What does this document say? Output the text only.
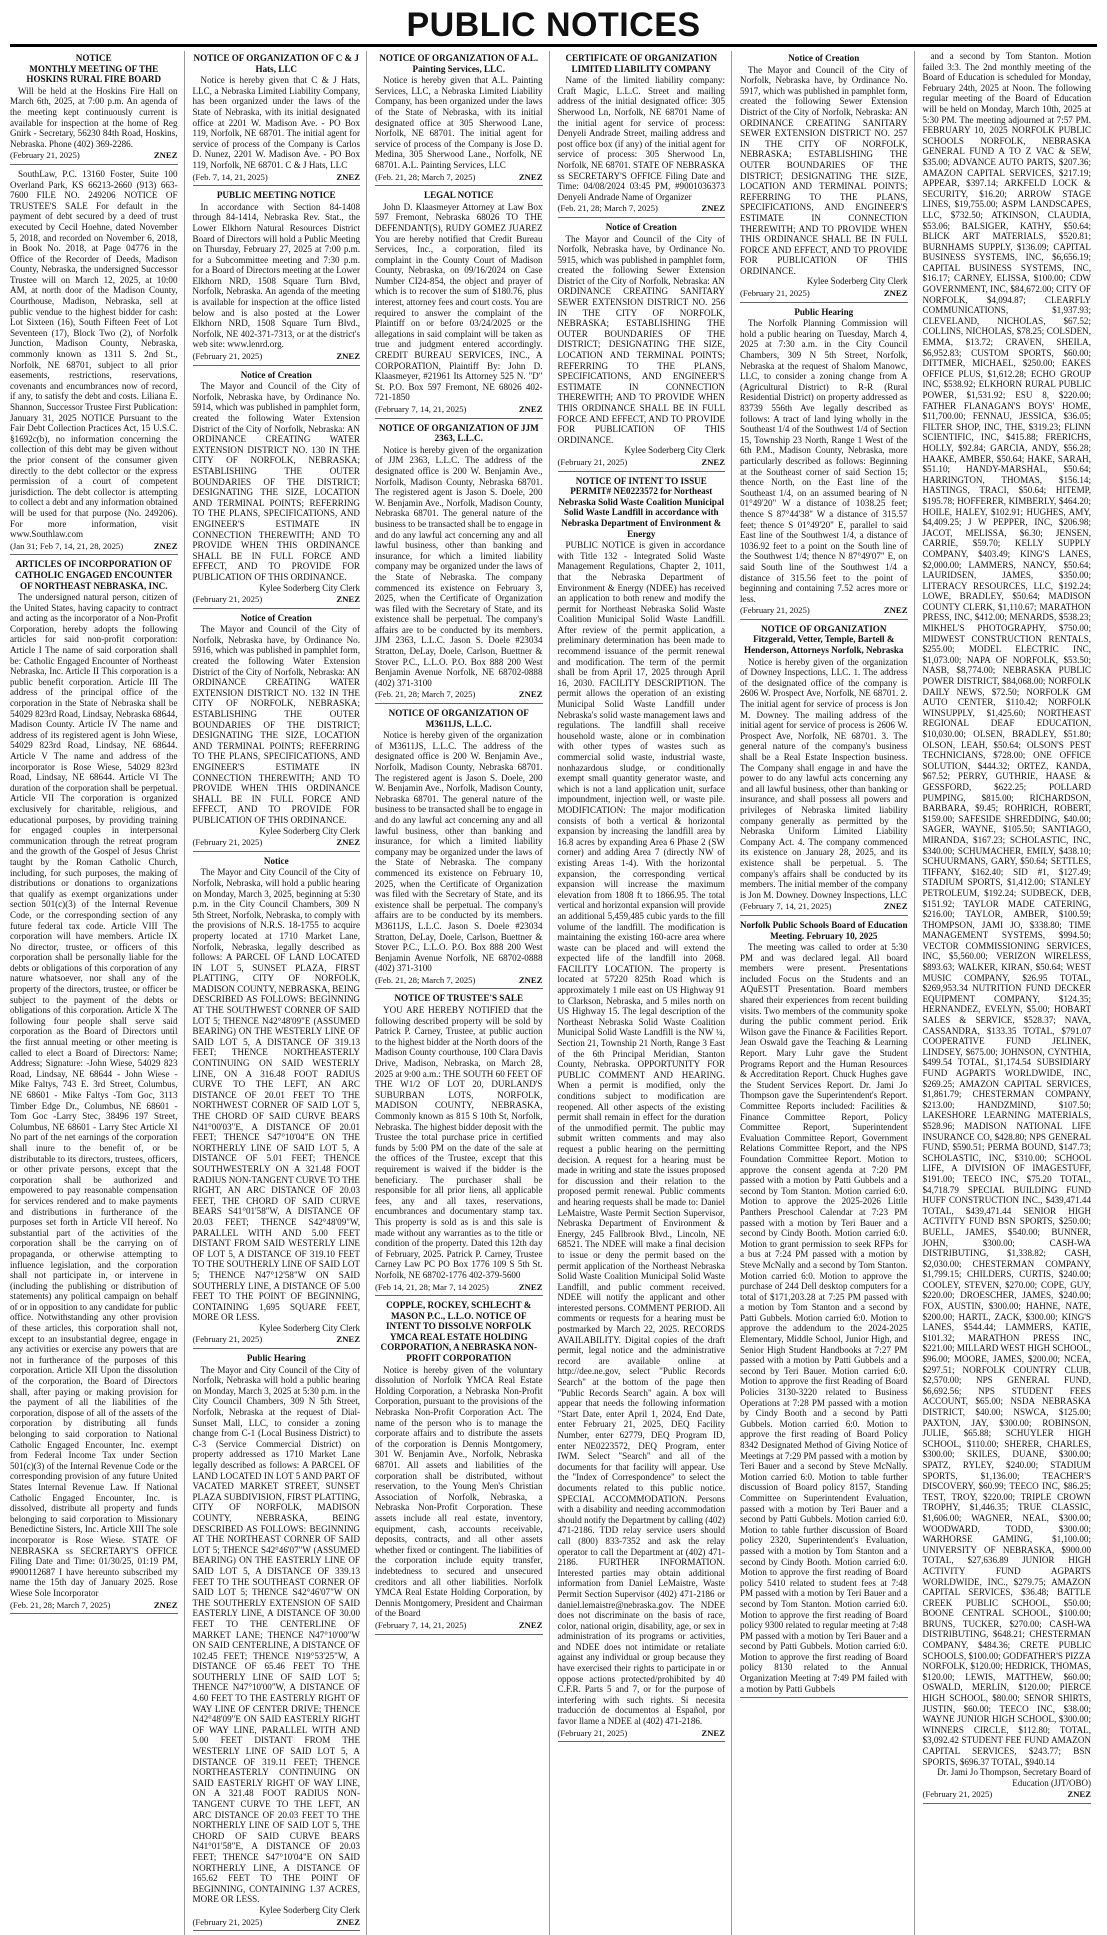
PUBLIC NOTICES
NOTICE
MONTHLY MEETING OF THE
HOSKINS RURAL FIRE BOARD

Will be held at the Hoskins Fire Hall on March 6th, 2025, at 7:00 p.m. An agenda of the meeting kept continuously current is available for inspection at the home of Reg Gnirk - Secretary, 56230 84th Road, Hoskins, Nebraska. Phone (402) 369-2286.

(February 21, 2025)	ZNEZ

SouthLaw, P.C. 13160 Foster, Suite 100 Overland Park, KS 66213-2660 (913) 663-7600 FILE NO. 249206 NOTICE OF TRUSTEE'S SALE For default in the payment of debt secured by a deed of trust executed by Cecil Hoehne, dated November 5, 2018, and recorded on November 6, 2018, in Book No. 2018, at Page 04776 in the Office of the Recorder of Deeds, Madison County, Nebraska, the undersigned Successor Trustee will on March 12, 2025, at 10:00 AM, at north door of the Madison County, Courthouse, Madison, Nebraska, sell at public vendue to the highest bidder for cash: Lot Sixteen (16), South Fifteen Feet of Lot Seventeen (17), Block Two (2), of Norfolk Junction, Madison County, Nebraska, commonly known as 1311 S. 2nd St., Norfolk, NE 68701, subject to all prior easements, restrictions, reservations, covenants and encumbrances now of record, if any, to satisfy the debt and costs. Liliana E. Shannon, Successor Trustee First Publication: January 31, 2025 NOTICE Pursuant to the Fair Debt Collection Practices Act, 15 U.S.C. §1692c(b), no information concerning the collection of this debt may be given without the prior consent of the consumer given directly to the debt collector or the express permission of a court of competent jurisdiction. The debt collector is attempting to collect a debt and any information obtained will be used for that purpose (No. 249206). For more information, visit www.Southlaw.com

(Jan 31; Feb 7, 14, 21, 28, 2025)	ZNEZ
ARTICLES OF INCORPORATION OF CATHOLIC ENGAGED ENCOUNTER OF NORTHEAST NEBRASKA, INC.

The undersigned natural person, citizen of the United States, having capacity to contract and acting as the incorporator of a Non-Profit Corporation, hereby adopts the following articles for said non-profit corporation: Article I The name of said corporation shall be: Catholic Engaged Encounter of Northeast Nebraska, Inc. Article II This corporation is a public benefit corporation. Article III The address of the principal office of the corporation in the State of Nebraska shall be 54029 823rd Road, Lindsay, Nebraska 68644, Madison County. Article IV The name and address of its registered agent is John Wiese, 54029 823rd Road, Lindsay, NE 68644. Article V The name and address of the incorporator is Rose Wiese, 54029 823rd Road, Lindsay, NE 68644. Article VI The duration of the corporation shall be perpetual. Article VII The corporation is organized exclusively for charitable, religious, and educational purposes, by providing training for engaged couples in interpersonal communication through the retreat program and the growth of the Gospel of Jesus Christ taught by the Roman Catholic Church, including, for such purposes, the making of distributions or donations to organizations that qualify as exempt organizations under section 501(c)(3) of the Internal Revenue Code, or the corresponding section of any future federal tax code. Article VIII The corporation will have members. Article IX No director, trustee, or officers of this corporation shall be personally liable for the debts or obligations of this corporation of any nature whatsoever, nor shall any of the property of the directors, trustee, or officer be subject to the payment of the debts or obligations of this corporation. Article X The following four people shall serve said corporation as the Board of Directors until the first annual meeting or other meeting is called to elect a Board of Directors: Name; Address; Signature: -John Wiese, 54029 823 Road, Lindsay, NE 68644 - John Wiese -Mike Faltys, 743 E. 3rd Street, Columbus, NE 68601 - Mike Faltys -Tom Goc, 3113 Timber Edge Dr., Columbus, NE 68601 - Tom Goc -Larry Stec, 38496 197 Street, Columbus, NE 68601 - Larry Stec Article XI No part of the net earnings of the corporation shall inure to the benefit of, or be distributable to its directors, trustees, officers, or other private persons, except that the corporation shall be authorized and empowered to pay reasonable compensation for services rendered and to make payments and distributions in furtherance of the purposes set forth in Article VII hereof. No substantial part of the activities of the corporation shall be the carrying on of propaganda, or otherwise attempting to influence legislation, and the corporation shall not participate in, or intervene in (including the publishing or distribution of statements) any political campaign on behalf of or in opposition to any candidate for public office. Notwithstanding any other provision of these articles, this corporation shall not, except to an insubstantial degree, engage in any activities or exercise any powers that are not in furtherance of the purposes of this corporation. Article XII Upon the dissolution of the corporation, the Board of Directors shall, after paying or making provision for the payment of all the liabilities of the corporation, dispose of all of the assets of the corporation by distributing all funds belonging to said corporation to National Catholic Engaged Encounter, Inc. exempt from Federal Income Tax under Section 501(c)(3) of the Internal Revenue Code or the corresponding provision of any future United States Internal Revenue Law. If National Catholic Engaged Encounter, Inc. is dissolved, distribute all property and funds belonging to said corporation to Missionary Benedictine Sisters, Inc. Article XIII The sole incorporator is Rose Wiese. STATE OF NEBRASKA ss SECRETARY'S OFFICE Filing Date and Time: 01/30/25, 01:19 PM, #900112687 I have hereunto subscribed my name the 15th day of January 2025. Rose Wiese Sole Incorporator

(Feb. 21, 28; March 7, 2025)	ZNEZ
NOTICE OF ORGANIZATION OF C & J Hats, LLC

Notice is hereby given that C & J Hats, LLC, a Nebraska Limited Liability Company, has been organized under the laws of the State of Nebraska, with its initial designated office at 2201 W. Madison Ave. - PO Box 119, Norfolk, NE 68701. The initial agent for service of process of the Company is Carlos D. Nunez, 2201 W. Madison Ave. - PO Box 119, Norfolk, NE 68701. C & J Hats, LLC

(Feb. 7, 14, 21, 2025)	ZNEZ
PUBLIC MEETING NOTICE

In accordance with Section 84-1408 through 84-1414, Nebraska Rev. Stat., the Lower Elkhorn Natural Resources District Board of Directors will hold a Public Meeting on Thursday, February 27, 2025 at 7:00 p.m. for a Subcommittee meeting and 7:30 p.m. for a Board of Directors meeting at the Lower Elkhorn NRD, 1508 Square Turn Blvd, Norfolk, Nebraska. An agenda of the meeting is available for inspection at the office listed below and is also posted at the Lower Elkhorn NRD, 1508 Square Turn Blvd., Norfolk, NE 402-371-7313, or at the district's web site: www.lenrd.org.

(February 21, 2025)	ZNEZ
Notice of Creation

The Mayor and Council of the City of Norfolk, Nebraska have, by Ordinance No. 5914, which was published in pamphlet form, created the following Water Extension District of the City of Norfolk, Nebraska: AN ORDINANCE CREATING WATER EXTENSION DISTRICT NO. 130 IN THE CITY OF NORFOLK, NEBRASKA; ESTABLISHING THE OUTER BOUNDARIES OF THE DISTRICT; DESIGNATING THE SIZE, LOCATION AND TERMINAL POINTS; REFERRING TO THE PLANS, SPECIFICATIONS, AND ENGINEER'S ESTIMATE IN CONNECTION THEREWITH; AND TO PROVIDE WHEN THIS ORDINANCE SHALL BE IN FULL FORCE AND EFFECT, AND TO PROVIDE FOR PUBLICATION OF THIS ORDINANCE.

Kylee Soderberg City Clerk
(February 21, 2025)	ZNEZ
Notice of Creation

The Mayor and Council of the City of Norfolk, Nebraska have, by Ordinance No. 5916, which was published in pamphlet form, created the following Water Extension District of the City of Norfolk, Nebraska: AN ORDINANCE CREATING WATER EXTENSION DISTRICT NO. 132 IN THE CITY OF NORFOLK, NEBRASKA; ESTABLISHING THE OUTER BOUNDARIES OF THE DISTRICT; DESIGNATING THE SIZE, LOCATION AND TERMINAL POINTS; REFERRING TO THE PLANS, SPECIFICATIONS, AND ENGINEER'S ESTIMATE IN CONNECTION THEREWITH; AND TO PROVIDE WHEN THIS ORDINANCE SHALL BE IN FULL FORCE AND EFFECT, AND TO PROVIDE FOR PUBLICATION OF THIS ORDINANCE.

Kylee Soderberg City Clerk
(February 21, 2025)	ZNEZ
Notice

The Mayor and City Council of the City of Norfolk, Nebraska, will hold a public hearing on Monday, March 3, 2025, beginning at 5:30 p.m. in the City Council Chambers, 309 N 5th Street, Norfolk, Nebraska, to comply with the provisions of N.R.S. 18-1755 to acquire property located at 1710 Market Lane, Norfolk, Nebraska, legally described as follows: A PARCEL OF LAND LOCATED IN LOT 5, SUNSET PLAZA, FIRST PLATTING, CITY OF NORFOLK, MADISON COUNTY, NEBRASKA, BEING DESCRIBED AS FOLLOWS: BEGINNING AT THE SOUTHWEST CORNER OF SAID LOT 5; THENCE N42°48'09"E (ASSUMED BEARING) ON THE WESTERLY LINE OF SAID LOT 5, A DISTANCE OF 319.13 FEET; THENCE NORTHEASTERLY CONTINUING ON SAID WESTERLY LINE, ON A 316.48 FOOT RADIUS CURVE TO THE LEFT, AN ARC DISTANCE OF 20.01 FEET TO THE NORTHWEST CORNER OF SAID LOT 5, THE CHORD OF SAID CURVE BEARS N41°00'03"E, A DISTANCE OF 20.01 FEET; THENCE S47°10'04"E ON THE NORTHERLY LINE OF SAID LOT 5, A DISTANCE OF 5.01 FEET; THENCE SOUTHWESTERLY ON A 321.48 FOOT RADIUS NON-TANGENT CURVE TO THE RIGHT, AN ARC DISTANCE OF 20.03 FEET, THE CHORD OF SAID CURVE BEARS S41°01'58"W, A DISTANCE OF 20.03 FEET; THENCE S42°48'09"W, PARALLEL WITH AND 5.00 FEET DISTANT FROM SAID WESTERLY LINE OF LOT 5, A DISTANCE OF 319.10 FEET TO THE SOUTHERLY LINE OF SAID LOT 5; THENCE N47°12'58"W ON SAID SOUTHERLY LINE, A DISTANCE OF 5.00 FEET TO THE POINT OF BEGINNING, CONTAINING 1,695 SQUARE FEET, MORE OR LESS.

Kylee Soderberg City Clerk
(February 21, 2025)	ZNEZ
Public Hearing

The Mayor and City Council of the City of Norfolk, Nebraska will hold a public hearing on Monday, March 3, 2025 at 5:30 p.m. in the City Council Chambers, 309 N 5th Street, Norfolk, Nebraska at the request of Dial-Sunset Mall, LLC, to consider a zoning change from C-1 (Local Business District) to C-3 (Service Commercial District) on property addressed as 1710 Market Lane legally described as follows: A PARCEL OF LAND LOCATED IN LOT 5 AND PART OF VACATED MARKET STREET, SUNSET PLAZA SUBDIVISION, FIRST PLATTING, CITY OF NORFOLK, MADISON COUNTY, NEBRASKA, BEING DESCRIBED AS FOLLOWS: BEGINNING AT THE NORTHEAST CORNER OF SAID LOT 5; THENCE S42°46'07"W (ASSUMED BEARING) ON THE EASTERLY LINE OF SAID LOT 5, A DISTANCE OF 339.13 FEET TO THE SOUTHEAST CORNER OF SAID LOT 5; THENCE S42°46'07"W ON THE SOUTHERLY EXTENSION OF SAID EASTERLY LINE, A DISTANCE OF 30.00 FEET TO THE CENTERLINE OF MARKET LANE; THENCE N47°10'00"W ON SAID CENTERLINE, A DISTANCE OF 102.45 FEET; THENCE N19°53'25"W, A DISTANCE OF 65.46 FEET TO THE SOUTHERLY LINE OF SAID LOT 5; THENCE N47°10'00"W, A DISTANCE OF 4.60 FEET TO THE EASTERLY RIGHT OF WAY LINE OF CENTER DRIVE; THENCE N42°48'09"E ON SAID EASTERLY RIGHT OF WAY LINE, PARALLEL WITH AND 5.00 FEET DISTANT FROM THE WESTERLY LINE OF SAID LOT 5, A DISTANCE OF 319.11 FEET; THENCE NORTHEASTERLY CONTINUING ON SAID EASTERLY RIGHT OF WAY LINE, ON A 321.48 FOOT RADIUS NON-TANGENT CURVE TO THE LEFT, AN ARC DISTANCE OF 20.03 FEET TO THE NORTHERLY LINE OF SAID LOT 5, THE CHORD OF SAID CURVE BEARS N41°01'58"E, A DISTANCE OF 20.03 FEET; THENCE S47°10'04"E ON SAID NORTHERLY LINE, A DISTANCE OF 165.62 FEET TO THE POINT OF BEGINNING, CONTAINING 1.37 ACRES, MORE OR LESS.

Kylee Soderberg City Clerk
(February 21, 2025)	ZNEZ
NOTICE OF ORGANIZATION OF A.L. Painting Services, LLC.

Notice is hereby given that A.L. Painting Services, LLC, a Nebraska Limited Liability Company, has been organized under the laws of the State of Nebraska, with its initial designated office at 305 Sherwood Lane, Norfolk, NE 68701. The initial agent for service of process of the Company is Jose D. Medina, 305 Sherwood Lane., Norfolk, NE 68701. A.L. Painting Services, LLC

(Feb. 21, 28; March 7, 2025)	ZNEZ
LEGAL NOTICE

John D. Klaasmeyer Attorney at Law Box 597 Fremont, Nebraska 68026 TO THE DEFENDANT(S), RUDY GOMEZ JUAREZ You are hereby notified that Credit Bureau Services, Inc., a corporation, filed its complaint in the County Court of Madison County, Nebraska, on 09/16/2024 on Case Number CI24-854, the object and prayer of which is to recover the sum of $180.76, plus interest, attorney fees and court costs. You are required to answer the complaint of the Plaintiff on or before 03/24/2025 or the allegations in said complaint will be taken as true and judgment entered accordingly. CREDIT BUREAU SERVICES, INC., A CORPORATION, Plaintiff By: John D. Klaasmeyer, #21961 Its Attorney 525 N. "D" St. P.O. Box 597 Fremont, NE 68026 402-721-1850

(February 7, 14, 21, 2025)	ZNEZ
NOTICE OF ORGANIZATION OF JJM 2363, L.L.C.

Notice is hereby given of the organization of JJM 2363, L.L.C. The address of the designated office is 200 W. Benjamin Ave., Norfolk, Madison County, Nebraska 68701. The registered agent is Jason S. Doele, 200 W. Benjamin Ave., Norfolk, Madison County, Nebraska 68701. The general nature of the business to be transacted shall be to engage in and do any lawful act concerning any and all lawful business, other than banking and insurance, for which a limited liability company may be organized under the laws of the State of Nebraska. The company commenced its existence on February 3, 2025, when the Certificate of Organization was filed with the Secretary of State, and its existence shall be perpetual. The company's affairs are to be conducted by its members. JJM 2363, L.L.C. Jason S. Doele #23034 Stratton, DeLay, Doele, Carlson, Buettner & Stover P.C., L.L.O. P.O. Box 888 200 West Benjamin Avenue Norfolk, NE 68702-0888 (402) 371-3100

(Feb. 21, 28; March 7, 2025)	ZNEZ
NOTICE OF ORGANIZATION OF M3611JS, L.L.C.

Notice is hereby given of the organization of M3611JS, L.L.C. The address of the designated office is 200 W. Benjamin Ave., Norfolk, Madison County, Nebraska 68701. The registered agent is Jason S. Doele, 200 W. Benjamin Ave., Norfolk, Madison County, Nebraska 68701. The general nature of the business to be transacted shall be to engage in and do any lawful act concerning any and all lawful business, other than banking and insurance, for which a limited liability company may be organized under the laws of the State of Nebraska. The company commenced its existence on February 10, 2025, when the Certificate of Organization was filed with the Secretary of State, and its existence shall be perpetual. The company's affairs are to be conducted by its members. M3611JS, L.L.C. Jason S. Doele #23034 Stratton, DeLay, Doele, Carlson, Buettner & Stover P.C., L.L.O. P.O. Box 888 200 West Benjamin Avenue Norfolk, NE 68702-0888 (402) 371-3100

(Feb. 21, 28; March 7, 2025)	ZNEZ
NOTICE OF TRUSTEE'S SALE

YOU ARE HEREBY NOTIFIED that the following described property will be sold by Patrick P. Carney, Trustee, at public auction to the highest bidder at the North doors of the Madison County courthouse, 100 Clara Davis Drive, Madison, Nebraska, on March 28, 2025 at 9:00 a.m.: THE SOUTH 60 FEET OF THE W1/2 OF LOT 20, DURLAND'S SUBURBAN LOTS, NORFOLK, MADISON COUNTY, NEBRASKA, Commonly known as 815 S 10th St, Norfolk, Nebraska. The highest bidder deposit with the Trustee the total purchase price in certified funds by 5:00 PM on the date of the sale at the offices of the Trustee, except that this requirement is waived if the bidder is the beneficiary. The purchaser shall be responsible for all prior liens, all applicable fees, any and all taxes, reservations, encumbrances and documentary stamp tax. This property is sold as is and this sale is made without any warranties as to the title or condition of the property. Dated this 12th day of February, 2025. Patrick P. Carney, Trustee Carney Law PC PO Box 1776 109 S 5th St. Norfolk, NE 68702-1776 402-379-5600

(Feb 14, 21, 28; Mar 7, 14 2025)	ZNEZ
COPPLE, ROCKEY, SCHLECHT & MASON P.C., L.L.O. NOTICE OF INTENT TO DISSOLVE NORFOLK YMCA REAL ESTATE HOLDING CORPORATION, A NEBRASKA NON-PROFIT CORPORATION

Notice is hereby given of the voluntary dissolution of Norfolk YMCA Real Estate Holding Corporation, a Nebraska Non-Profit Corporation, pursuant to the provisions of the Nebraska Non-Profit Corporation Act. The name of the person who is to manage the corporate affairs and to distribute the assets of the corporation is Dennis Montgomery, 301 W. Benjamin Ave., Norfolk, Nebraska 68701. All assets and liabilities of the corporation shall be distributed, without reservation, to the Young Men's Christian Association of Norfolk, Nebraska, a Nebraska Non-Profit Corporation. These assets include all real estate, inventory, equipment, cash, accounts receivable, deposits, contracts, and all other assets whether fixed or contingent. The liabilities of the corporation include equity transfer, indebtedness to secured and unsecured creditors and all other liabilities. Norfolk YMCA Real Estate Holding Corporation, by Dennis Montgomery, President and Chairman of the Board

(February 7, 14, 21, 2025)	ZNEZ
CERTIFICATE OF ORGANIZATION LIMITED LIABILITY COMPANY

Name of the limited liability company: Craft Magic, L.L.C. Street and mailing address of the initial designated office: 305 Sherwood Ln, Norfolk, NE 68701 Name of the initial agent for service of process: Denyeli Andrade Street, mailing address and post office box (if any) of the initial agent for service of process: 305 Sherwood Ln, Norfolk, NE 68701. STATE OF NEBRASKA ss SECRETARY'S OFFICE Filing Date and Time: 04/08/2024 03:45 PM, #9001036373 Denyeli Andrade Name of Organizer

(Feb. 21, 28; March 7, 2025)	ZNEZ
Notice of Creation

The Mayor and Council of the City of Norfolk, Nebraska have, by Ordinance No. 5915, which was published in pamphlet form, created the following Sewer Extension District of the City of Norfolk, Nebraska: AN ORDINANCE CREATING SANITARY SEWER EXTENSION DISTRICT NO. 256 IN THE CITY OF NORFOLK, NEBRASKA; ESTABLISHING THE OUTER BOUNDARIES OF THE DISTRICT; DESIGNATING THE SIZE, LOCATION AND TERMINAL POINTS; REFERRING TO THE PLANS, SPECIFICATIONS, AND ENGINEER'S ESTIMATE IN CONNECTION THEREWITH; AND TO PROVIDE WHEN THIS ORDINANCE SHALL BE IN FULL FORCE AND EFFECT, AND TO PROVIDE FOR PUBLICATION OF THIS ORDINANCE.

Kylee Soderberg City Clerk
(February 21, 2025)	ZNEZ
NOTICE OF INTENT TO ISSUE PERMIT# NE0223572 for Northeast Nebraska Solid Waste Coalition Municipal Solid Waste Landfill in accordance with Nebraska Department of Environment & Energy

PUBLIC NOTICE is given in accordance with Title 132 - Integrated Solid Waste Management Regulations, Chapter 2, 1011, that the Nebraska Department of Environment & Energy (NDEE) has received an application to both renew and modify the permit for Northeast Nebraska Solid Waste Coalition Municipal Solid Waste Landfill. After review of the permit application, a preliminary determination has been made to recommend issuance of the permit renewal and modification. The term of the permit shall be from April 17, 2025 through April 16, 2030. FACILITY DESCRIPTION. The permit allows the operation of an existing Municipal Solid Waste Landfill under Nebraska's solid waste management laws and regulations. The landfill shall receive household waste, alone or in combination with other types of wastes such as commercial solid waste, industrial waste, nonhazardous sludge, or conditionally exempt small quantity generator waste, and which is not a land application unit, surface impoundment, injection well, or waste pile. MODIFICATION: The major modification consists of both a vertical & horizontal expansion by increasing the landfill area by 16.8 acres by expanding Area 6 Phase 2 (SW corner) and adding Area 7 (directly NW of existing Areas 1-4). With the horizontal expansion, the corresponding vertical expansion will increase the maximum elevation from 1808 ft to 1866.95. The total vertical and horizontal expansion will provide an additional 5,459,485 cubic yards to the fill volume of the landfill. The modification is maintaining the existing 160-acre area where waste can be placed and will extend the expected life of the landfill into 2068. FACILITY LOCATION. The property is located at 57220 825th Road which is approximately 1 mile east on US Highway 91 to Clarkson, Nebraska, and 5 miles north on US Highway 15. The legal description of the Northeast Nebraska Solid Waste Coalition Municipal Solid Waste Landfill is the NW ¼, Section 21, Township 21 North, Range 3 East of the 6th Principal Meridian, Stanton County, Nebraska. OPPORTUNITY FOR PUBLIC COMMENT AND HEARING. When a permit is modified, only the conditions subject to modification are reopened. All other aspects of the existing permit shall remain in effect for the duration of the unmodified permit. The public may submit written comments and may also request a public hearing on the permitting decision. A request for a hearing must be made in writing and state the issues proposed for discussion and their relation to the proposed permit renewal. Public comments and hearing requests shall be made to: Daniel LeMaistre, Waste Permit Section Supervisor, Nebraska Department of Environment & Energy, 245 Fallbrook Blvd., Lincoln, NE 68521. The NDEE will make a final decision to issue or deny the permit based on the permit application of the Northeast Nebraska Solid Waste Coalition Municipal Solid Waste Landfill, and public comment received. NDEE will notify the applicant and other interested persons. COMMENT PERIOD. All comments or requests for a hearing must be postmarked by March 22, 2025. RECORDS AVAILABILITY. Digital copies of the draft permit, legal notice and the administrative record are available online at http://dee.ne.gov, select "Public Records Search" at the bottom of the page then "Public Records Search" again. A box will appear that needs the following information "Start Date, enter April 1, 2024, End Date, enter February 21, 2025, DEQ Facility Number, enter 62779, DEQ Program ID, enter NE0223572, DEQ Program, enter IWM. Select "Search" and all of the documents for that facility will appear. Use the "Index of Correspondence" to select the documents related to this public notice. SPECIAL ACCOMMODATION. Persons with a disability and needing accommodation should notify the Department by calling (402) 471-2186. TDD relay service users should call (800) 833-7352 and ask the relay operator to call the Department at (402) 471-2186. FURTHER INFORMATION. Interested parties may obtain additional information from Daniel LeMaistre, Waste Permit Section Supervisor (402) 471-2186 or daniel.lemaistre@nebraska.gov. The NDEE does not discriminate on the basis of race, color, national origin, disability, age, or sex in administration of its programs or activities, and NDEE does not intimidate or retaliate against any individual or group because they have exercised their rights to participate in or oppose actions protected/prohibited by 40 C.F.R. Parts 5 and 7, or for the purpose of interfering with such rights. Si necesita traducción de documentos al Español, por favor llame a NDEE al (402) 471-2186.

(February 21, 2025)	ZNEZ
Notice of Creation

The Mayor and Council of the City of Norfolk, Nebraska have, by Ordinance No. 5917, which was published in pamphlet form, created the following Sewer Extension District of the City of Norfolk, Nebraska: AN ORDINANCE CREATING SANITARY SEWER EXTENSION DISTRICT NO. 257 IN THE CITY OF NORFOLK, NEBRASKA; ESTABLISHING THE OUTER BOUNDARIES OF THE DISTRICT; DESIGNATING THE SIZE, LOCATION AND TERMINAL POINTS; REFERRING TO THE PLANS, SPECIFICATIONS, AND ENGINEER'S ESTIMATE IN CONNECTION THEREWITH; AND TO PROVIDE WHEN THIS ORDINANCE SHALL BE IN FULL FORCE AND EFFECT, AND TO PROVIDE FOR PUBLICATION OF THIS ORDINANCE.

Kylee Soderberg City Clerk
(February 21, 2025)	ZNEZ
Public Hearing

The Norfolk Planning Commission will hold a public hearing on Tuesday, March 4, 2025 at 7:30 a.m. in the City Council Chambers, 309 N 5th Street, Norfolk, Nebraska at the request of Shalom Manowc, LLC, to consider a zoning change from A (Agricultural District) to R-R (Rural Residential District) on property addressed as 83739 556th Ave legally described as follows: A tract of land lying wholly in the Southeast 1/4 of the Southwest 1/4 of Section 15, Township 23 North, Range 1 West of the 6th P.M., Madison County, Nebraska, more particularly described as follows: Beginning at the Southeast corner of said Section 15; thence North, on the East line of the Southeast 1/4, on an assumed bearing of N 01°49'20" W a distance of 1038.25 feet; thence S 87°44'38" W a distance of 315.57 feet; thence S 01°49'20" E, parallel to said East line of the Southwest 1/4, a distance of 1036.92 feet to a point on the South line of the Southwest 1/4; thence N 87°49'07" E, on said South line of the Southwest 1/4 a distance of 315.56 feet to the point of beginning and containing 7.52 acres more or less.

(February 21, 2025)	ZNEZ
NOTICE OF ORGANIZATION Fitzgerald, Vetter, Temple, Bartell & Henderson, Attorneys Norfolk, Nebraska

Notice is hereby given of the organization of Downey Inspections, LLC. 1. The address of the designated office of the company is 2606 W. Prospect Ave, Norfolk, NE 68701. 2. The initial agent for service of process is Jon M. Downey. The mailing address of the initial agent for service of process is 2606 W. Prospect Ave, Norfolk, NE 68701. 3. The general nature of the company's business shall be a Real Estate Inspection business. The Company shall engage in and have the power to do any lawful acts concerning any and all lawful business, other than banking or insurance, and shall possess all powers and privileges of Nebraska limited liability company generally as permitted by the Nebraska Uniform Limited Liability Company Act. 4. The company commenced its existence on January 28, 2025, and its existence shall be perpetual. 5. The company's affairs shall be conducted by its members. The initial member of the company is Jon M. Downey. Downey Inspections, LLC

(February 7, 14, 21, 2025)	ZNEZ
Norfolk Public Schools Board of Education Meeting. February 10, 2025

The meeting was called to order at 5:30 PM and was declared legal. All board members were present. Presentations included Focus on the Students and an AQuESTT Presentation. Board members shared their experiences from recent building visits. Two members of the community spoke during the public comment period. Erik Wilson gave the Finance & Facilities Report. Jean Oswald gave the Teaching & Learning Report. Mary Luhr gave the Student Programs Report and the Human Resources & Accreditation Report. Chuck Hughes gave the Student Services Report. Dr. Jami Jo Thompson gave the Superintendent's Report. Committee Reports included: Facilities & Finance Committee Report, Policy Committee Report, Superintendent Evaluation Committee Report, Government Relations Committee Report, and the NPS Foundation Committee Report. Motion to approve the consent agenda at 7:20 PM passed with a motion by Patti Gubbels and a second by Tom Stanton. Motion carried 6:0. Motion to approve the 2025-2026 Little Panthers Preschool Calendar at 7:23 PM passed with a motion by Teri Bauer and a second by Cindy Booth. Motion carried 6:0. Motion to grant permission to seek RFPs for a bus at 7:24 PM passed with a motion by Steve McNally and a second by Tom Stanton. Motion carried 6:0. Motion to approve the purchase of 244 Dell desktop computers for a total of $171,203.28 at 7:25 PM passed with a motion by Tom Stanton and a second by Patti Gubbels. Motion carried 6:0. Motion to approve the addendum to the 2024-2025 Elementary, Middle School, Junior High, and Senior High Student Handbooks at 7:27 PM passed with a motion by Patti Gubbels and a second by Teri Bauer. Motion carried 6:0. Motion to approve the first Reading of Board Policies 3130-3220 related to Business Operations at 7:28 PM passed with a motion by Cindy Booth and a second by Patti Gubbels. Motion carried 6:0. Motion to approve the first reading of Board Policy 8342 Designated Method of Giving Notice of Meetings at 7:29 PM passed with a motion by Teri Bauer and a second by Steve McNally. Motion carried 6:0. Motion to table further discussion of Board policy 8157, Standing Committee on Superintendent Evaluation, passed with a motion by Teri Bauer and a second by Patti Gubbels. Motion carried 6:0. Motion to table further discussion of Board policy 2320, Superintendent's Evaluation, passed with a motion by Tom Stanton and a second by Cindy Booth. Motion carried 6:0. Motion to approve the first reading of Board policy 5410 related to student fees at 7:48 PM passed with a motion by Teri Bauer and a second by Tom Stanton. Motion carried 6:0. Motion to approve the first reading of Board policy 9300 related to regular meeting at 7:48 PM passed with a motion by Teri Bauer and a second by Patti Gubbels. Motion carried 6:0. Motion to approve the first reading of Board policy 8130 related to the Annual Organization Meeting at 7:49 PM failed with a motion by Patti Gubbels

and a second by Tom Stanton. Motion failed 3:3. The 2nd monthly meeting of the Board of Education is scheduled for Monday, February 24th, 2025 at Noon. The following regular meeting of the Board of Education will be held on Monday, March 10th, 2025 at 5:30 PM. The meeting adjourned at 7:57 PM. FEBRUARY 10, 2025 NORFOLK PUBLIC SCHOOLS NORFOLK, NEBRASKA GENERAL FUND A TO Z VAC & SEW, $35.00; ADVANCE AUTO PARTS, $207.36; AMAZON CAPITAL SERVICES, $217.19; APPEAR, $397.14; ARKFELD LOCK & SECURITY, $16.20; ARROW STAGE LINES, $19,755.00; ASPM LANDSCAPES, LLC, $732.50; ATKINSON, CLAUDIA, $53.06; BALSIGER, KATHY, $50.64; BLICK ART MATERIALS, $520.81; BURNHAMS SUPPLY, $136.09; CAPITAL BUSINESS SYSTEMS, INC, $6,656.19; CAPITAL BUSINESS SYSTEMS, INC, $16.17; CARNEY, ELISSA, $100.00; CDW GOVERNMENT, INC, $84,672.00; CITY OF NORFOLK, $4,094.87; CLEARFLY COMMUNICATIONS, $1,937.93; CLEVELAND, NICHOLAS, $67.52; COLLINS, NICHOLAS, $78.25; COLSDEN, EMMA, $13.72; CRAVEN, SHEILA, $6,952.83; CUSTOM SPORTS, $60.00; DITTMER, MICHAEL, $250.00; EAKES OFFICE PLUS, $1,612.28; ECHO GROUP INC, $538.92; ELKHORN RURAL PUBLIC POWER, $1,531.92; ESU 8, $220.00; FATHER FLANAGAN'S BOYS' HOME, $11,700.00; FENNAU, JESSICA, $36.05; FILTER SHOP, INC, THE, $319.23; FLINN SCIENTIFIC, INC, $415.88; FRERICHS, HOLLY, $92.84; GARCIA, ANDY, $56.28; HAAKE, AMBER, $50.64; HAKE, SARAH, $51.10; HANDY-MARSHAL, $50.64; HARRINGTON, THOMAS, $156.14; HASTINGS, TRACI, $50.64; HITEMP, $195.78; HOFFERER, KIMBERLY, $464.20; HOILE, HALEY, $102.91; HUGHES, AMY, $4,409.25; J W PEPPER, INC, $206.98; JACOT, MELISSA, $6.30; JENSEN, CARRIE, $59.70; KELLY SUPPLY COMPANY, $403.49; KING'S LANES, $2,000.00; LAMMERS, NANCY, $50.64; LAURIDSEN, JAMES, $350.00; LITERACY RESOURCES, LLC, $192.24; LOWE, BRADLEY, $50.64; MADISON COUNTY CLERK, $1,110.67; MARATHON PRESS, INC, $412.00; MENARDS, $538.23; MIKHEL'S PHOTOGRAPHY, $750.00; MIDWEST CONSTRUCTION RENTALS, $255.00; MODEL ELECTRIC INC, $1,073.00; NAPA OF NORFOLK, $53.50; NASB, $8,774.00; NEBRASKA PUBLIC POWER DISTRICT, $84,068.00; NORFOLK DAILY NEWS, $72.50; NORFOLK GM AUTO CENTER, $110.42; NORFOLK WINSUPPLY, $1,425.60; NORTHEAST REGIONAL DEAF EDUCATION, $10,030.00; OLSEN, BRADLEY, $51.80; OLSON, LEAH, $50.64; OLSON'S PEST TECHNICIANS, $728.00; ONE OFFICE SOLUTION, $444.32; ORTEZ, KANDA, $67.52; PERRY, GUTHRIE, HAASE & GESSFORD, $622.25; POLLARD PUMPING, $815.00; RICHARDSON, BARBARA, $9.45; ROHRICH, ROBERT, $159.00; SAFESIDE SHREDDING, $40.00; SAGER, WAYNE, $105.50; SANTIAGO, MIRANDA, $167.23; SCHOLASTIC, INC, $340.00; SCHUMACHER, EMILY, $438.10; SCHUURMANS, GARY, $50.64; SETTLES, TIFFANY, $162.40; SID #1, $127.49; STADIUM SPORTS, $1,412.00; STANLEY PETROLEUM, $192.24; SUDBECK, DEB, $151.92; TAYLOR MADE CATERING, $216.00; TAYLOR, AMBER, $100.59; THOMPSON, JAMI JO, $338.80; TIME MANAGEMENT SYSTEMS, $994.50; VECTOR COMMISSIONING SERVICES, INC, $5,560.00; VERIZON WIRELESS, $893.63; WALKER, KIRAN, $50.64; WEST MUSIC COMPANY, $26.95 TOTAL, $269,953.34 NUTRITION FUND DECKER EQUIPMENT COMPANY, $124.35; HERNANDEZ, EVELYN, $5.00; HOBART SALES & SERVICE, $528.37; NAVA, CASSANDRA, $133.35 TOTAL, $791.07 COOPERATIVE FUND JELINEK, LINDSEY, $675.00; JOHNSON, CYNTHIA, $499.54 TOTAL, $1,174.54 SUBSIDIARY FUND AGPARTS WORLDWIDE, INC, $269.25; AMAZON CAPITAL SERVICES, $1,861.79; CHESTERMAN COMPANY, $213.00; HANDZMIND, $107.50; LAKESHORE LEARNING MATERIALS, $528.96; MADISON NATIONAL LIFE INSURANCE CO, $428.80; NPS GENERAL FUND, $590.51; PERMA BOUND, $147.73; SCHOLASTIC, INC, $310.00; SCHOOL LIFE, A DIVISION OF IMAGESTUFF, $191.00; TEECO INC, $75.20 TOTAL, $4,718.79 SPECIAL BUILDING FUND HUFF CONSTRUCTION INC., $439,471.44 TOTAL, $439,471.44 SENIOR HIGH ACTIVITY FUND BSN SPORTS, $250.00; BUELL, JAMES, $540.00; BUNNER, JOHN, $300.00; CASH-WA DISTRIBUTING, $1,338.82; CASH, $2,030.00; CHESTERMAN COMPANY, $1,799.15; CHILDERS, CURTIS, $240.00; COOLEY, STEVEN, $270.00; COPE, GUY, $220.00; DROESCHER, JAMES, $240.00; FOX, AUSTIN, $300.00; HAHNE, NATE, $200.00; HARTL, ZACK, $300.00; KING'S LANES, $544.44; LAMMERS, KATIE, $101.32; MARATHON PRESS INC, $221.00; MILLARD WEST HIGH SCHOOL, $96.00; MOORE, JAMES, $200.00; NCEA, $297.51; NORFOLK COUNTRY CLUB, $2,570.00; NPS GENERAL FUND, $6,692.56; NPS STUDENT FEES ACCOUNT, $65.00; NSDA NEBRASKA DISTRICT, $40.00; NSWCA, $125.00; PAXTON, JAY, $300.00; ROBINSON, JULIE, $65.88; SCHUYLER HIGH SCHOOL, $110.00; SHERER, CHARLES, $300.00; SKILES, DUANE, $300.00; SPATZ, RYLEY, $240.00; STADIUM SPORTS, $1,136.00; TEACHER'S DISCOVERY, $60.99; TEECO INC, $86.25; TEST, TROY, $220.00; TRIPLE CROWN TROPHY, $1,446.35; TRUE CLASSIC, $1,606.00; WAGNER, NEAL, $300.00; WOODWARD, TODD, $300.00; WARHORSE GAMING, $1,100.00; UNIVERSITY OF NEBRASKA, $900.00 TOTAL, $27,636.89 JUNIOR HIGH ACTIVITY FUND AGPARTS WORLDWIDE, INC., $279.75; AMAZON CAPITAL SERVICES, $36.48; BATTLE CREEK PUBLIC SCHOOL, $50.00; BOONE CENTRAL SCHOOL, $100.00; BRUNS, TUCKER, $270.00; CASH-WA DISTRIBUTING, $648.21; CHESTERMAN COMPANY, $484.36; CRETE PUBLIC SCHOOLS, $100.00; GODFATHER'S PIZZA NORFOLK, $120.00; HEDRICK, THOMAS, $120.00; LEWIS, MATTHEW, $60.00; OSWALD, MERLIN, $120.00; PIERCE HIGH SCHOOL, $80.00; SENOR SHIRTS, JUSTIN, $60.00; TEECO INC, $38.00; WAYNE JUNIOR HIGH SCHOOL, $300.00; WINNERS CIRCLE, $112.80; TOTAL, $3,092.42 STUDENT FEE FUND AMAZON CAPITAL SERVICES, $243.77; BSN SPORTS, $696.37 TOTAL, $940.14

Dr. Jami Jo Thompson, Secretary Board of Education (JJT/OBO)
(February 21, 2025)	ZNEZ
